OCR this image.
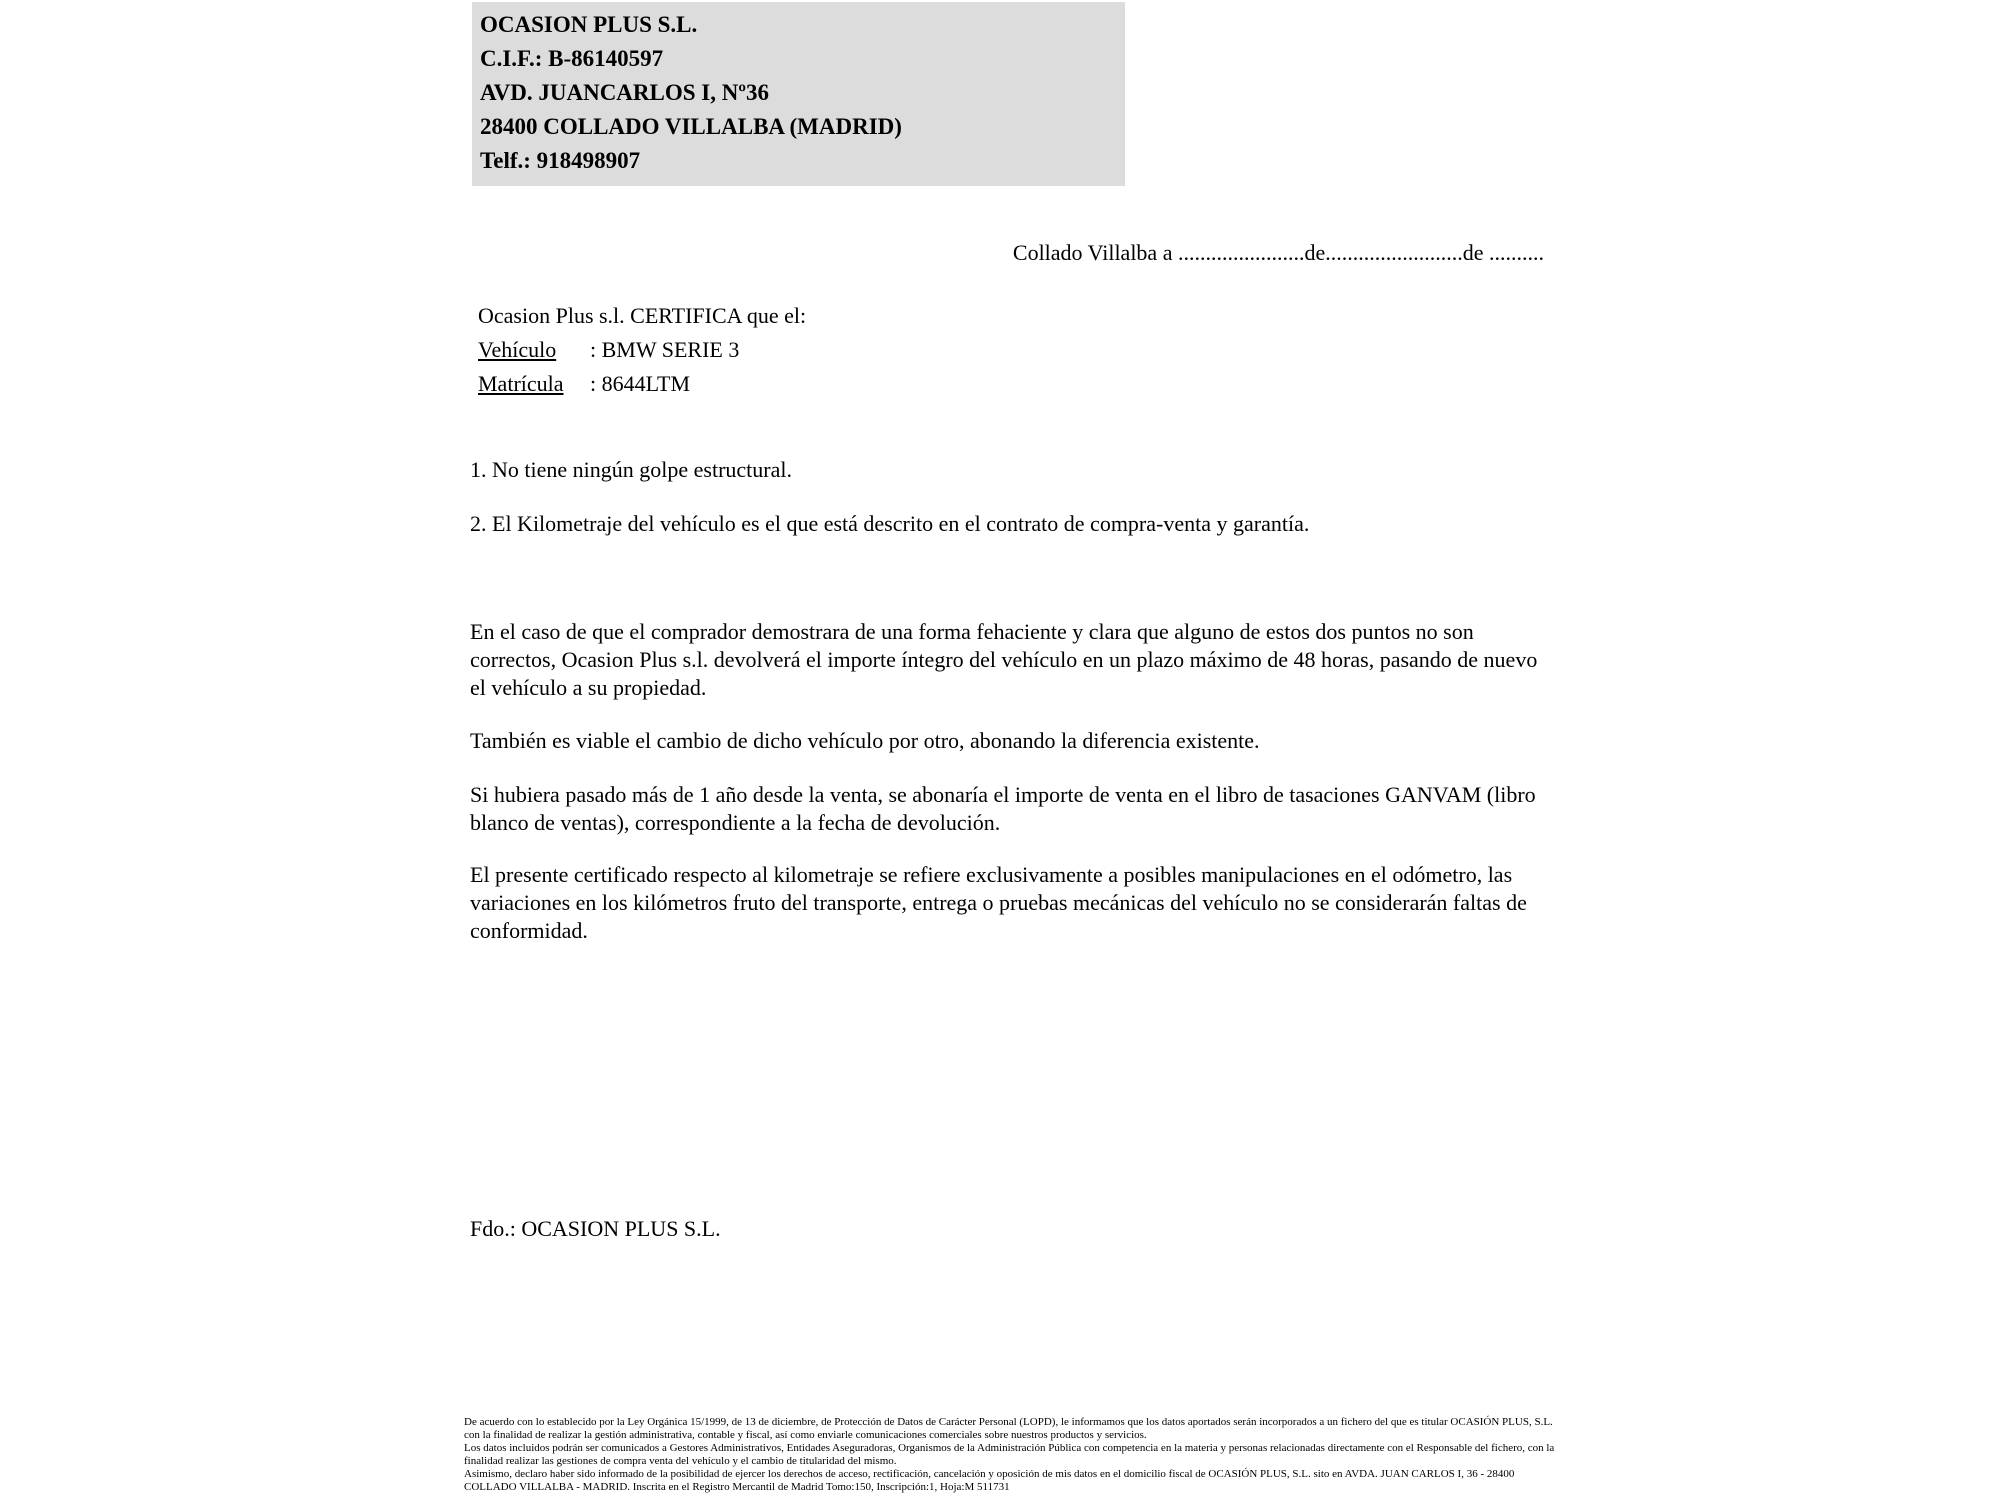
OCASION PLUS S.L.
C.I.F.: B-86140597
AVD. JUANCARLOS I, Nº36
28400 COLLADO VILLALBA (MADRID)
Telf.: 918498907
Collado Villalba a .......................de.........................de ..........
Ocasion Plus s.l. CERTIFICA que el:
Vehículo : BMW SERIE 3
Matrícula : 8644LTM
1. No tiene ningún golpe estructural.
2. El Kilometraje del vehículo es el que está descrito en el contrato de compra-venta y garantía.
En el caso de que el comprador demostrara de una forma fehaciente y clara que alguno de estos dos puntos no son correctos, Ocasion Plus s.l. devolverá el importe íntegro del vehículo en un plazo máximo de 48 horas, pasando de nuevo el vehículo a su propiedad.
También es viable el cambio de dicho vehículo por otro, abonando la diferencia existente.
Si hubiera pasado más de 1 año desde la venta, se abonaría el importe de venta en el libro de tasaciones GANVAM (libro blanco de ventas), correspondiente a la fecha de devolución.
El presente certificado respecto al kilometraje se refiere exclusivamente a posibles manipulaciones en el odómetro, las variaciones en los kilómetros fruto del transporte, entrega o pruebas mecánicas del vehículo no se considerarán faltas de conformidad.
Fdo.: OCASION PLUS S.L.

De acuerdo con lo establecido por la Ley Orgánica 15/1999, de 13 de diciembre, de Protección de Datos de Carácter Personal (LOPD), le informamos que los datos aportados serán incorporados a un fichero del que es titular OCASIÓN PLUS, S.L. con la finalidad de realizar la gestión administrativa, contable y fiscal, así como enviarle comunicaciones comerciales sobre nuestros productos y servicios.

Los datos incluidos podrán ser comunicados a Gestores Administrativos, Entidades Aseguradoras, Organismos de la Administración Pública con competencia en la materia y personas relacionadas directamente con el Responsable del fichero, con la finalidad realizar las gestiones de compra venta del vehículo y el cambio de titularidad del mismo.

Asimismo, declaro haber sido informado de la posibilidad de ejercer los derechos de acceso, rectificación, cancelación y oposición de mis datos en el domicilio fiscal de OCASIÓN PLUS, S.L. sito en AVDA. JUAN CARLOS I, 36 - 28400 COLLADO VILLALBA - MADRID. Inscrita en el Registro Mercantil de Madrid Tomo:150, Inscripción:1, Hoja:M 511731
